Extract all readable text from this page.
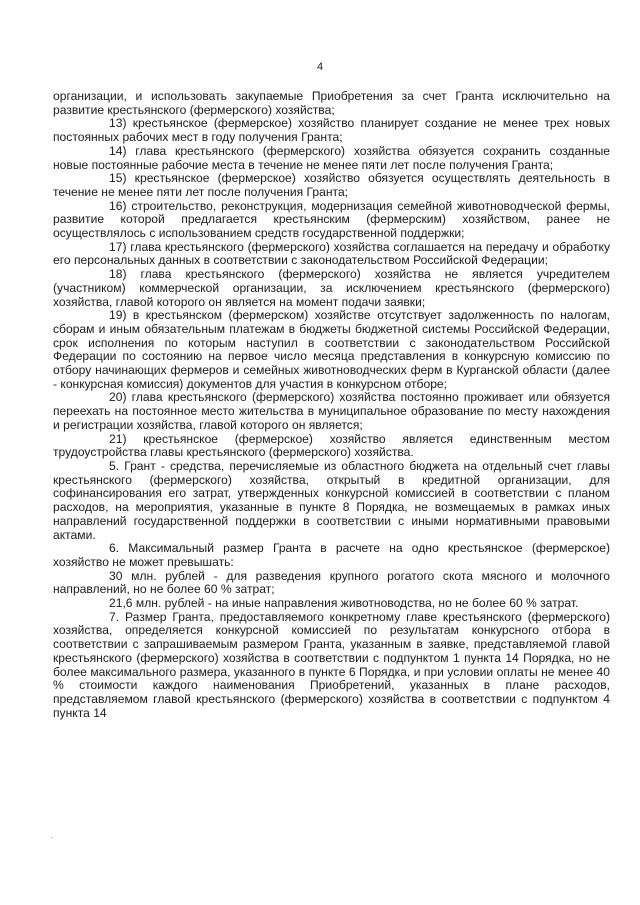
4

организации, и использовать закупаемые Приобретения за счет Гранта исключительно на развитие крестьянского (фермерского) хозяйства;

13) крестьянское (фермерское) хозяйство планирует создание не менее трех новых постоянных рабочих мест в году получения Гранта;

14) глава крестьянского (фермерского) хозяйства обязуется сохранить созданные новые постоянные рабочие места в течение не менее пяти лет после получения Гранта;

15) крестьянское (фермерское) хозяйство обязуется осуществлять деятельность в течение не менее пяти лет после получения Гранта;

16) строительство, реконструкция, модернизация семейной животноводческой фермы, развитие которой предлагается крестьянским (фермерским) хозяйством, ранее не осуществлялось с использованием средств государственной поддержки;

17) глава крестьянского (фермерского) хозяйства соглашается на передачу и обработку его персональных данных в соответствии с законодательством Российской Федерации;

18) глава крестьянского (фермерского) хозяйства не является учредителем (участником) коммерческой организации, за исключением крестьянского (фермерского) хозяйства, главой которого он является на момент подачи заявки;

19) в крестьянском (фермерском) хозяйстве отсутствует задолженность по налогам, сборам и иным обязательным платежам в бюджеты бюджетной системы Российской Федерации, срок исполнения по которым наступил в соответствии с законодательством Российской Федерации по состоянию на первое число месяца представления в конкурсную комиссию по отбору начинающих фермеров и семейных животноводческих ферм в Курганской области (далее - конкурсная комиссия) документов для участия в конкурсном отборе;

20) глава крестьянского (фермерского) хозяйства постоянно проживает или обязуется переехать на постоянное место жительства в муниципальное образование по месту нахождения и регистрации хозяйства, главой которого он является;

21) крестьянское (фермерское) хозяйство является единственным местом трудоустройства главы крестьянского (фермерского) хозяйства.

5. Грант - средства, перечисляемые из областного бюджета на отдельный счет главы крестьянского (фермерского) хозяйства, открытый в кредитной организации, для софинансирования его затрат, утвержденных конкурсной комиссией в соответствии с планом расходов, на мероприятия, указанные в пункте 8 Порядка, не возмещаемых в рамках иных направлений государственной поддержки в соответствии с иными нормативными правовыми актами.

6. Максимальный размер Гранта в расчете на одно крестьянское (фермерское) хозяйство не может превышать:

30 млн. рублей - для разведения крупного рогатого скота мясного и молочного направлений, но не более 60 % затрат;

21,6 млн. рублей - на иные направления животноводства, но не более 60 % затрат.

7. Размер Гранта, предоставляемого конкретному главе крестьянского (фермерского) хозяйства, определяется конкурсной комиссией по результатам конкурсного отбора в соответствии с запрашиваемым размером Гранта, указанным в заявке, представляемой главой крестьянского (фермерского) хозяйства в соответствии с подпунктом 1 пункта 14 Порядка, но не более максимального размера, указанного в пункте 6 Порядка, и при условии оплаты не менее 40 % стоимости каждого наименования Приобретений, указанных в плане расходов, представляемом главой крестьянского (фермерского) хозяйства в соответствии с подпунктом 4 пункта 14

·
